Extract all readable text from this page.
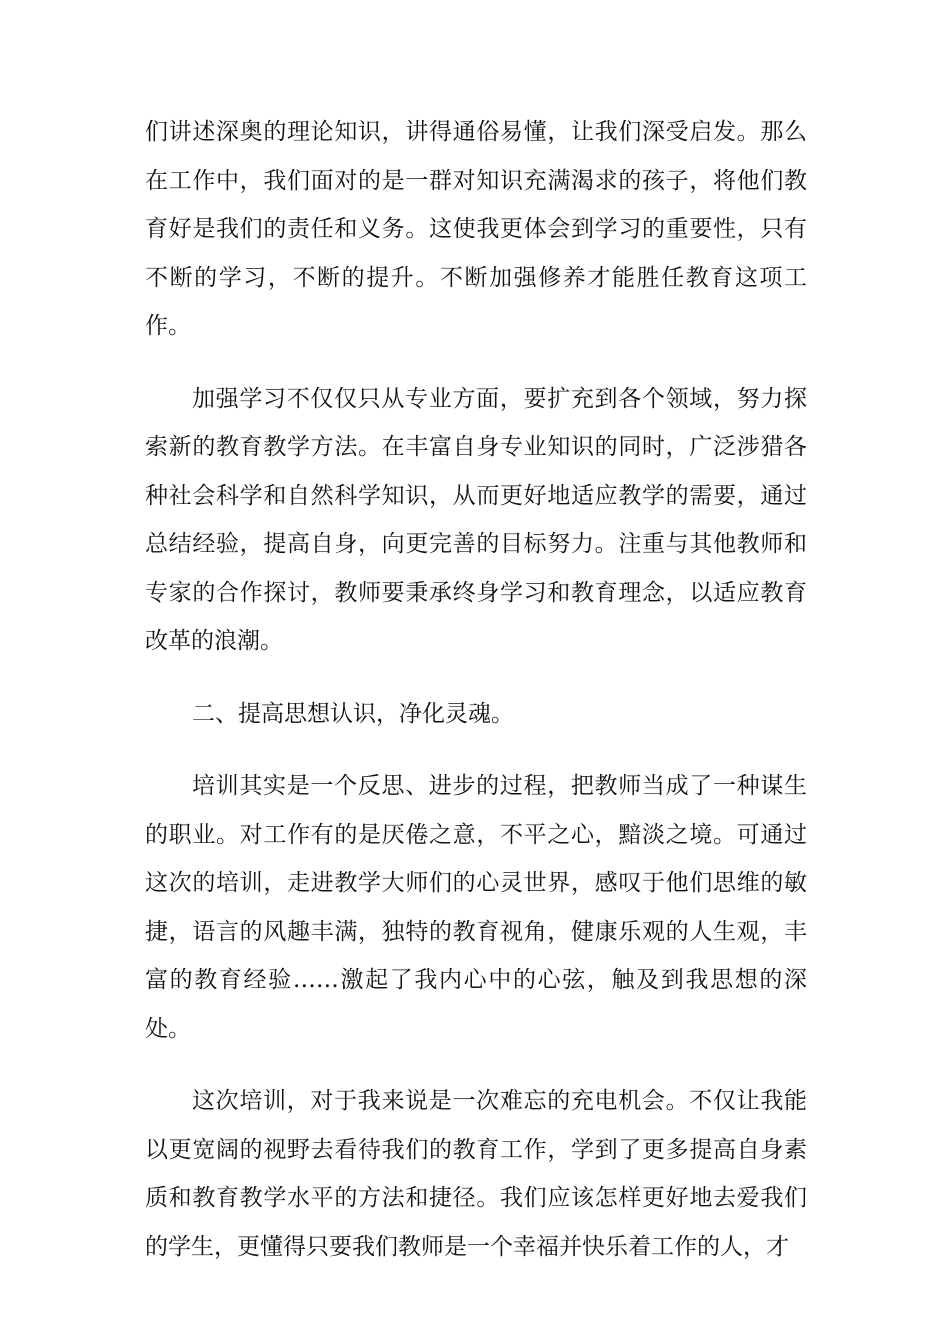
们讲述深奥的理论知识，讲得通俗易懂，让我们深受启发。那么在工作中，我们面对的是一群对知识充满渴求的孩子，将他们教育好是我们的责任和义务。这使我更体会到学习的重要性，只有不断的学习，不断的提升。不断加强修养才能胜任教育这项工作。

加强学习不仅仅只从专业方面，要扩充到各个领域，努力探索新的教育教学方法。在丰富自身专业知识的同时，广泛涉猎各种社会科学和自然科学知识，从而更好地适应教学的需要，通过总结经验，提高自身，向更完善的目标努力。注重与其他教师和专家的合作探讨，教师要秉承终身学习和教育理念，以适应教育改革的浪潮。

二、提高思想认识，净化灵魂。

培训其实是一个反思、进步的过程，把教师当成了一种谋生的职业。对工作有的是厌倦之意，不平之心，黯淡之境。可通过这次的培训，走进教学大师们的心灵世界，感叹于他们思维的敏捷，语言的风趣丰满，独特的教育视角，健康乐观的人生观，丰富的教育经验……激起了我内心中的心弦，触及到我思想的深处。

这次培训，对于我来说是一次难忘的充电机会。不仅让我能以更宽阔的视野去看待我们的教育工作，学到了更多提高自身素质和教育教学水平的方法和捷径。我们应该怎样更好地去爱我们的学生，更懂得只要我们教师是一个幸福并快乐着工作的人，才
